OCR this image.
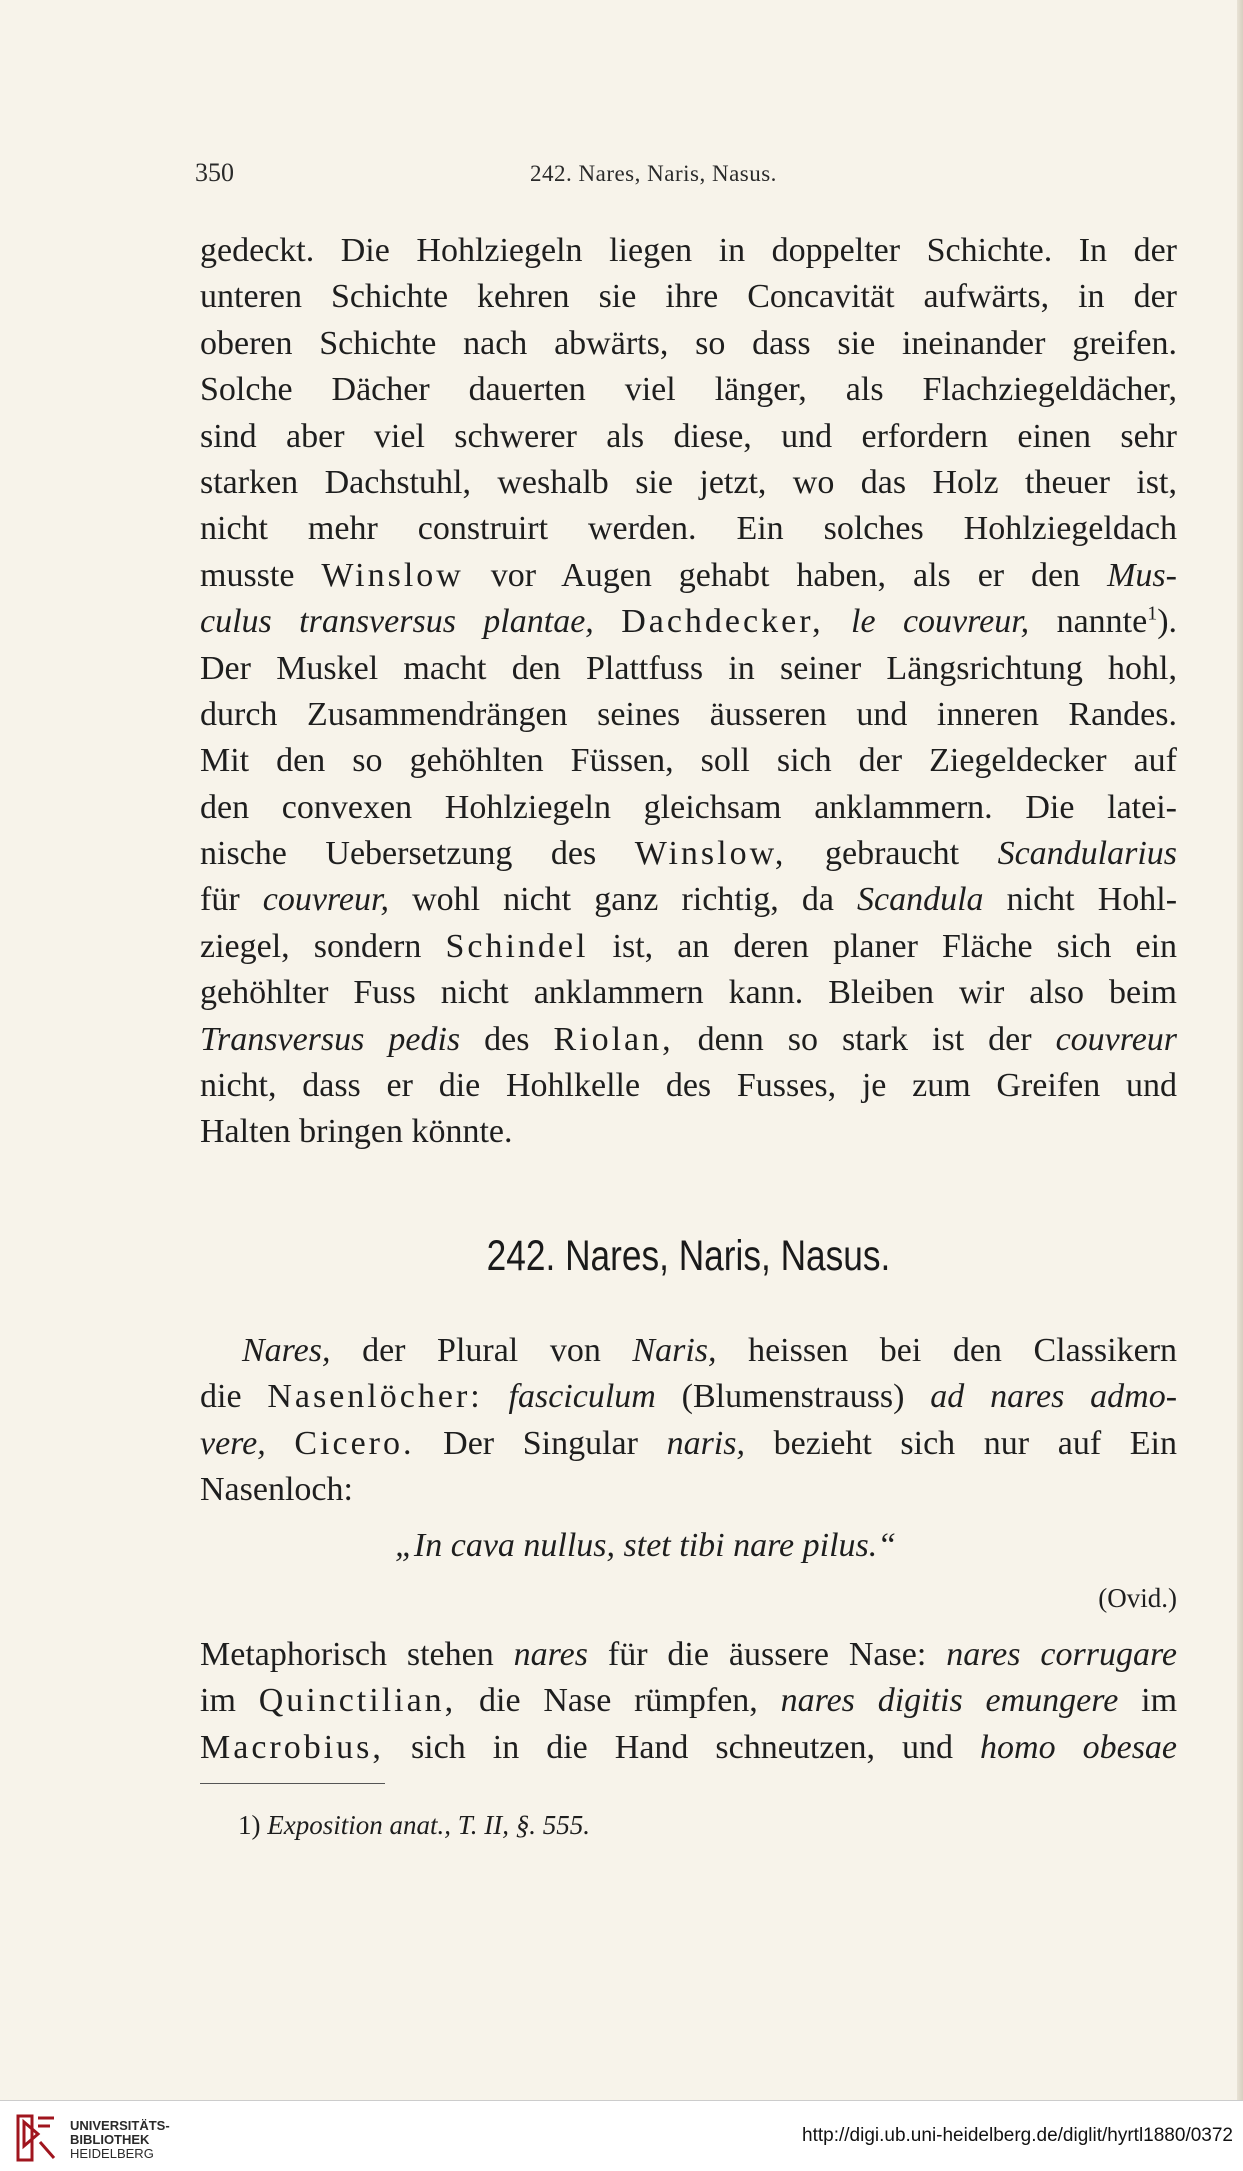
350	242. Nares, Naris, Nasus.
gedeckt. Die Hohlziegeln liegen in doppelter Schichte. In der
unteren Schichte kehren sie ihre Concavität aufwärts, in der
oberen Schichte nach abwärts, so dass sie ineinander greifen.
Solche Dächer dauerten viel länger, als Flachziegeldächer,
sind aber viel schwerer als diese, und erfordern einen sehr
starken Dachstuhl, weshalb sie jetzt, wo das Holz theuer ist,
nicht mehr construirt werden. Ein solches Hohlziegeldach
musste Winslow vor Augen gehabt haben, als er den Mus-
culus transversus plantae, Dachdecker, le couvreur, nannte$^1$).
Der Muskel macht den Plattfuss in seiner Längsrichtung hohl,
durch Zusammendrängen seines äusseren und inneren Randes.
Mit den so gehöhlten Füssen, soll sich der Ziegeldecker auf
den convexen Hohlziegeln gleichsam anklammern. Die latei-
nische Uebersetzung des Winslow, gebraucht Scandularius
für couvreur, wohl nicht ganz richtig, da Scandula nicht Hohl-
ziegel, sondern Schindel ist, an deren planer Fläche sich ein
gehöhlter Fuss nicht anklammern kann. Bleiben wir also beim
Transversus pedis des Riolan, denn so stark ist der couvreur
nicht, dass er die Hohlkelle des Fusses, je zum Greifen und
Halten bringen könnte.
242. Nares, Naris, Nasus.
Nares, der Plural von Naris, heissen bei den Classikern
die Nasenlöcher: fasciculum (Blumenstrauss) ad nares admo-
vere, Cicero. Der Singular naris, bezieht sich nur auf Ein
Nasenloch:
„In cava nullus, stet tibi nare pilus.“
(Ovid.)
Metaphorisch stehen nares für die äussere Nase: nares corrugare
im Quinctilian, die Nase rümpfen, nares digitis emungere im
Macrobius, sich in die Hand schneutzen, und homo obesae
1) Exposition anat., T. II, §. 555.
UNIVERSITÄTS-
BIBLIOTHEK
HEIDELBERG
http://digi.ub.uni-heidelberg.de/diglit/hyrtl1880/0372
